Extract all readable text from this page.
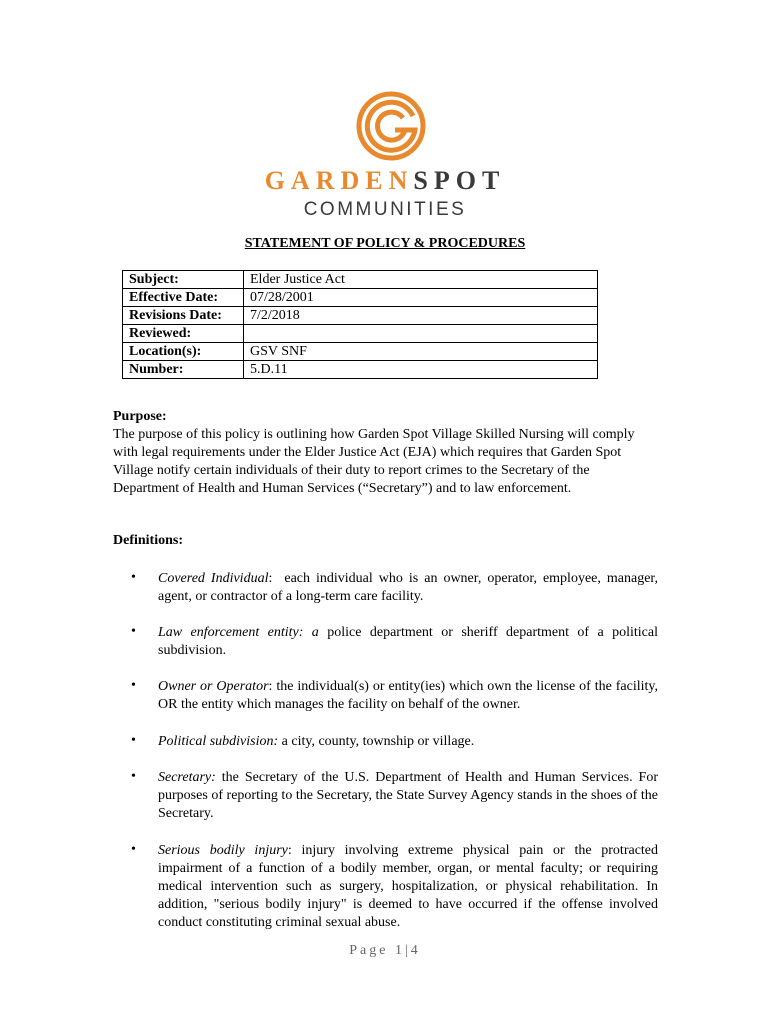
GARDENSPOT
COMMUNITIES
STATEMENT OF POLICY & PROCEDURES
Subject:	Elder Justice Act
Effective Date:	07/28/2001
Revisions Date:	7/2/2018
Reviewed:	
Location(s):	GSV SNF
Number:	5.D.11
Purpose:
The purpose of this policy is outlining how Garden Spot Village Skilled Nursing will comply with legal requirements under the Elder Justice Act (EJA) which requires that Garden Spot Village notify certain individuals of their duty to report crimes to the Secretary of the Department of Health and Human Services (“Secretary”) and to law enforcement.
Definitions:
• Covered Individual:  each individual who is an owner, operator, employee, manager, agent, or contractor of a long-term care facility.
• Law enforcement entity: a police department or sheriff department of a political subdivision.
• Owner or Operator: the individual(s) or entity(ies) which own the license of the facility, OR the entity which manages the facility on behalf of the owner.
• Political subdivision: a city, county, township or village.
• Secretary: the Secretary of the U.S. Department of Health and Human Services. For purposes of reporting to the Secretary, the State Survey Agency stands in the shoes of the Secretary.
• Serious bodily injury: injury involving extreme physical pain or the protracted impairment of a function of a bodily member, organ, or mental faculty; or requiring medical intervention such as surgery, hospitalization, or physical rehabilitation. In addition, "serious bodily injury" is deemed to have occurred if the offense involved conduct constituting criminal sexual abuse.
Page 1|4
